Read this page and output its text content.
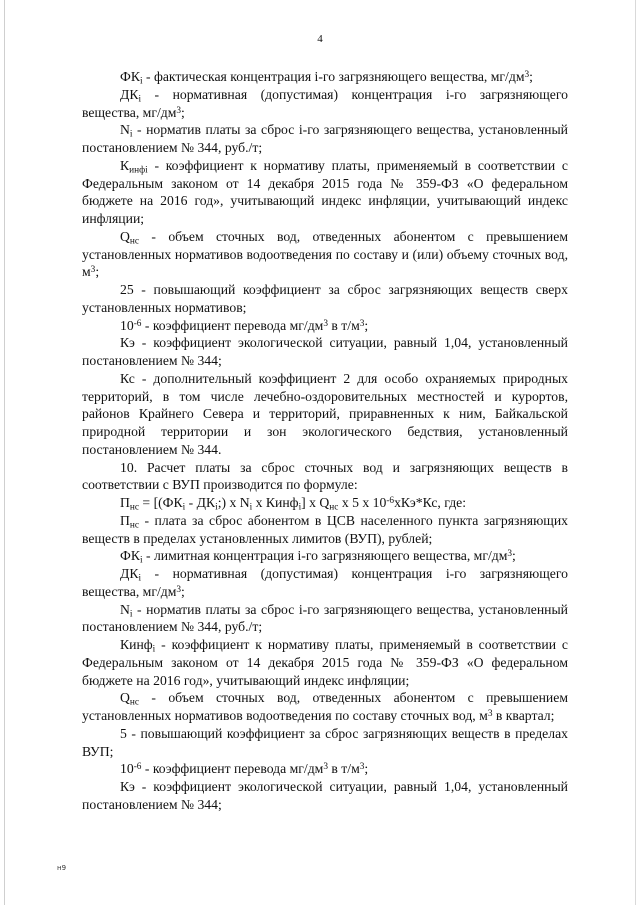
4

$ФК_i$ - фактическая концентрация i-го загрязняющего вещества, $мг/дм^3$;

$ДК_i$ - нормативная (допустимая) концентрация i-го загрязняющего вещества, $мг/дм^3$;

$N_i$ - норматив платы за сброс i-го загрязняющего вещества, установленный постановлением № 344, руб./т;

$К_{инфi}$ - коэффициент к нормативу платы, применяемый в соответствии с Федеральным законом от 14 декабря 2015 года № 359-ФЗ «О федеральном бюджете на 2016 год», учитывающий индекс инфляции, учитывающий индекс инфляции;

$Q_{нс}$ - объем сточных вод, отведенных абонентом с превышением установленных нормативов водоотведения по составу и (или) объему сточных вод, $м^3$;

25 - повышающий коэффициент за сброс загрязняющих веществ сверх установленных нормативов;

$10^{-6}$ - коэффициент перевода $мг/дм^3$ в $т/м^3$;

Кэ - коэффициент экологической ситуации, равный 1,04, установленный постановлением № 344;

Кс - дополнительный коэффициент 2 для особо охраняемых природных территорий, в том числе лечебно-оздоровительных местностей и курортов, районов Крайнего Севера и территорий, приравненных к ним, Байкальской природной территории и зон экологического бедствия, установленный постановлением № 344.

10. Расчет платы за сброс сточных вод и загрязняющих веществ в соответствии с ВУП производится по формуле:

$П_{нс} = [(ФК_i$ - $ДК_i$;) x $N_i$ x Кинф$_i$] x $Q_{нс}$ x 5 x $10^{-6}xКэ*Кс$, где:

$П_{нс}$ - плата за сброс абонентом в ЦСВ населенного пункта загрязняющих веществ в пределах установленных лимитов (ВУП), рублей;

$ФК_i$ - лимитная концентрация i-го загрязняющего вещества, $мг/дм^3$;

$ДК_i$ - нормативная (допустимая) концентрация i-го загрязняющего вещества, $мг/дм^3$;

$N_i$ - норматив платы за сброс i-го загрязняющего вещества, установленный постановлением № 344, руб./т;

Кинф$_i$ - коэффициент к нормативу платы, применяемый в соответствии с Федеральным законом от 14 декабря 2015 года № 359-ФЗ «О федеральном бюджете на 2016 год», учитывающий индекс инфляции;

$Q_{нс}$ - объем сточных вод, отведенных абонентом с превышением установленных нормативов водоотведения по составу сточных вод, $м^3$ в квартал;

5 - повышающий коэффициент за сброс загрязняющих веществ в пределах ВУП;

$10^{-6}$ - коэффициент перевода $мг/дм^3$ в $т/м^3$;

Кэ - коэффициент экологической ситуации, равный 1,04, установленный постановлением № 344;

н9
